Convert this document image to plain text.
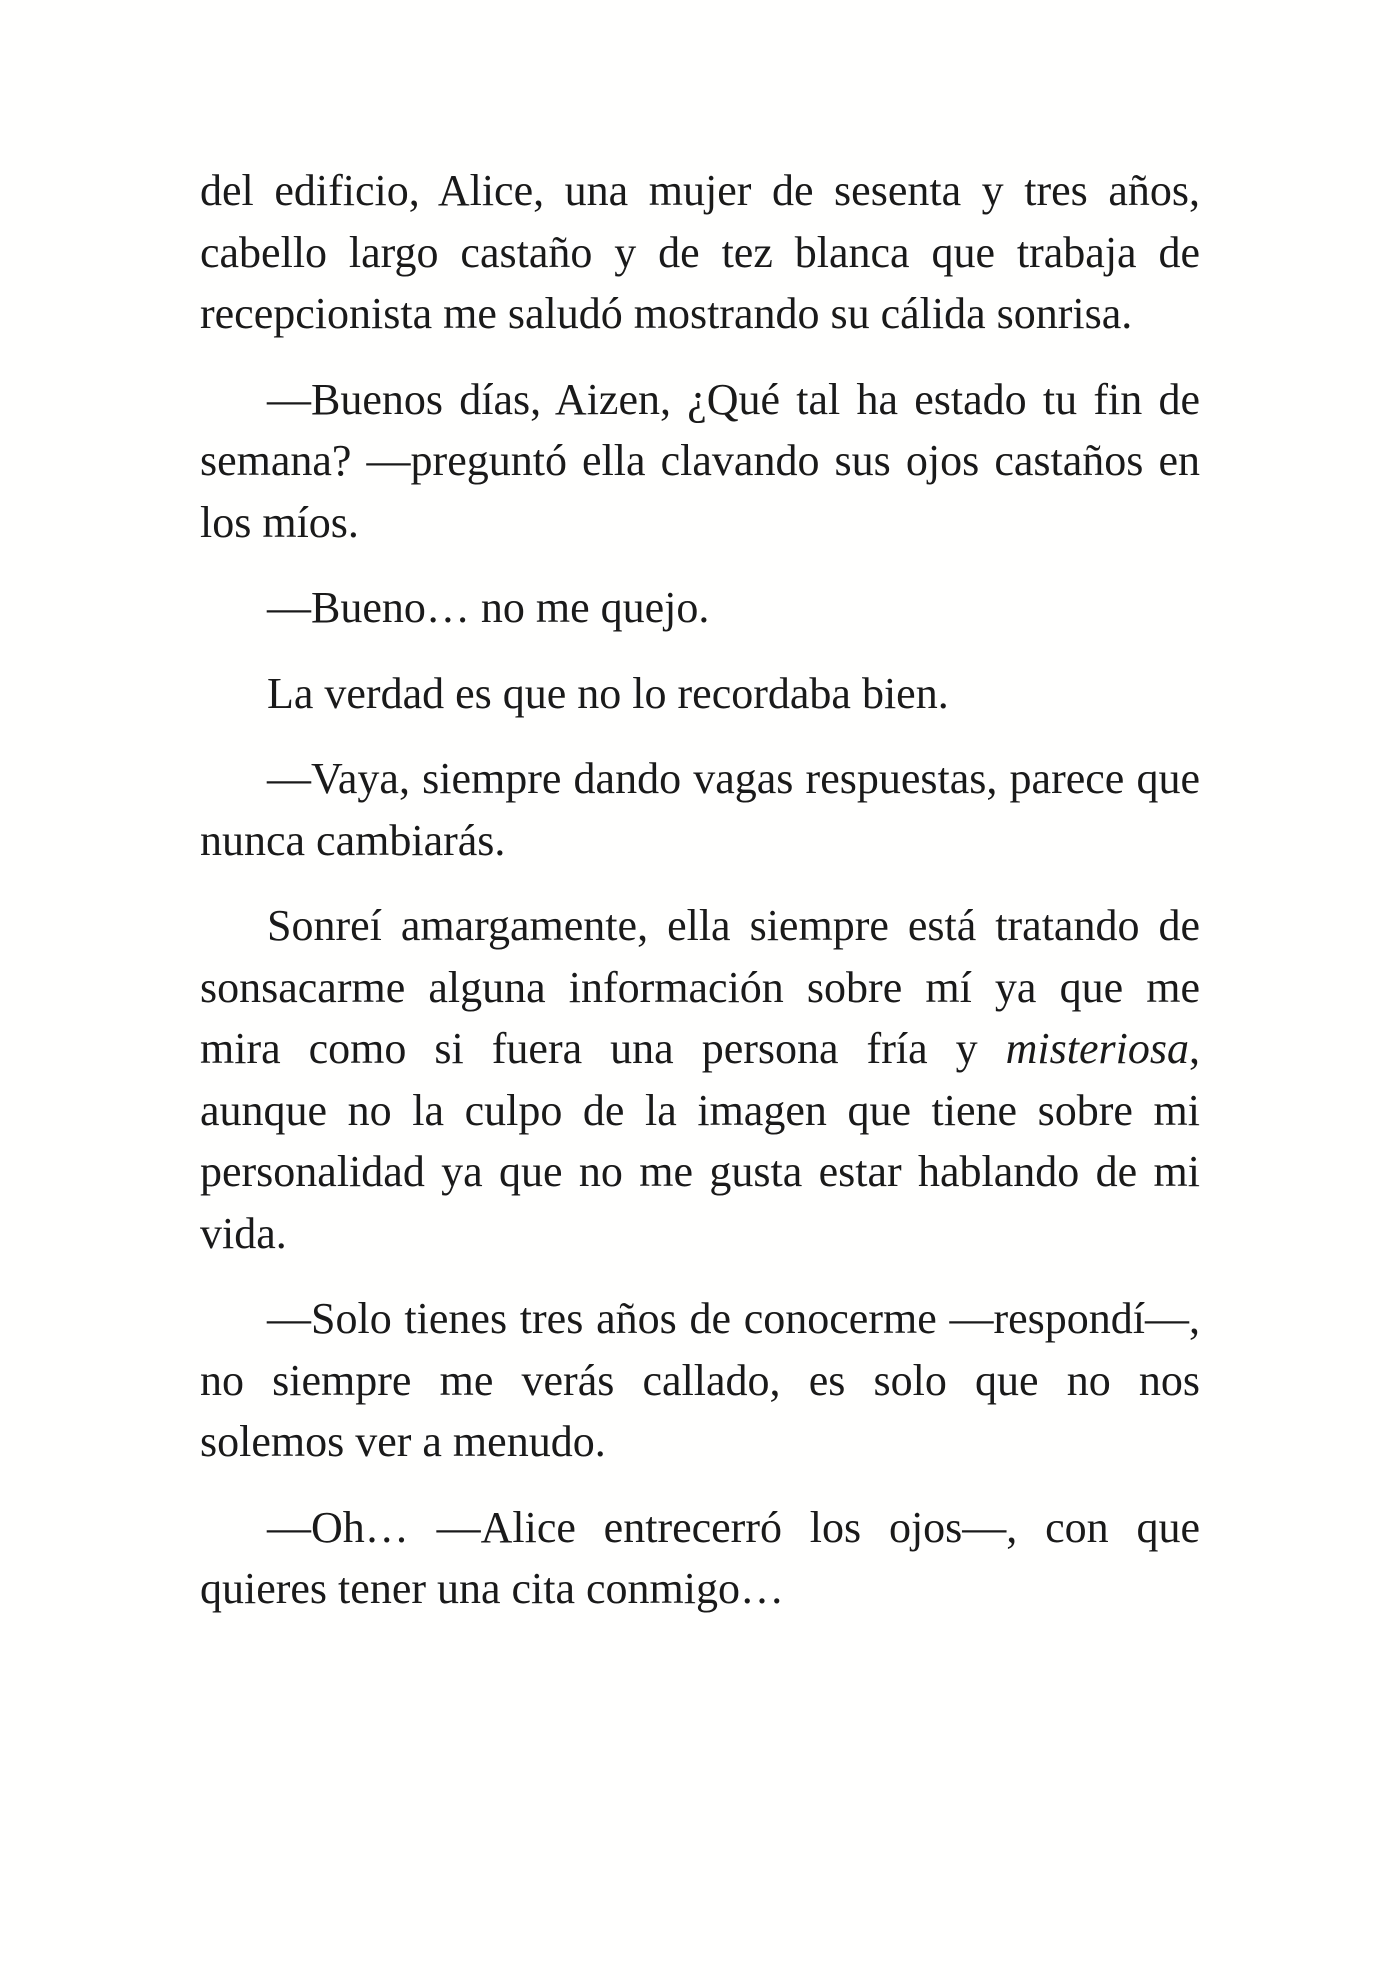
del edificio, Alice, una mujer de sesenta y tres años, cabello largo castaño y de tez blanca que trabaja de recepcionista me saludó mostrando su cálida sonrisa.

—Buenos días, Aizen, ¿Qué tal ha estado tu fin de semana? —preguntó ella clavando sus ojos castaños en los míos.

—Bueno… no me quejo.

La verdad es que no lo recordaba bien.

—Vaya, siempre dando vagas respuestas, parece que nunca cambiarás.

Sonreí amargamente, ella siempre está tratando de sonsacarme alguna información sobre mí ya que me mira como si fuera una persona fría y misteriosa, aunque no la culpo de la imagen que tiene sobre mi personalidad ya que no me gusta estar hablando de mi vida.

—Solo tienes tres años de conocerme —respondí—, no siempre me verás callado, es solo que no nos solemos ver a menudo.

—Oh… —Alice entrecerró los ojos—, con que quieres tener una cita conmigo…
